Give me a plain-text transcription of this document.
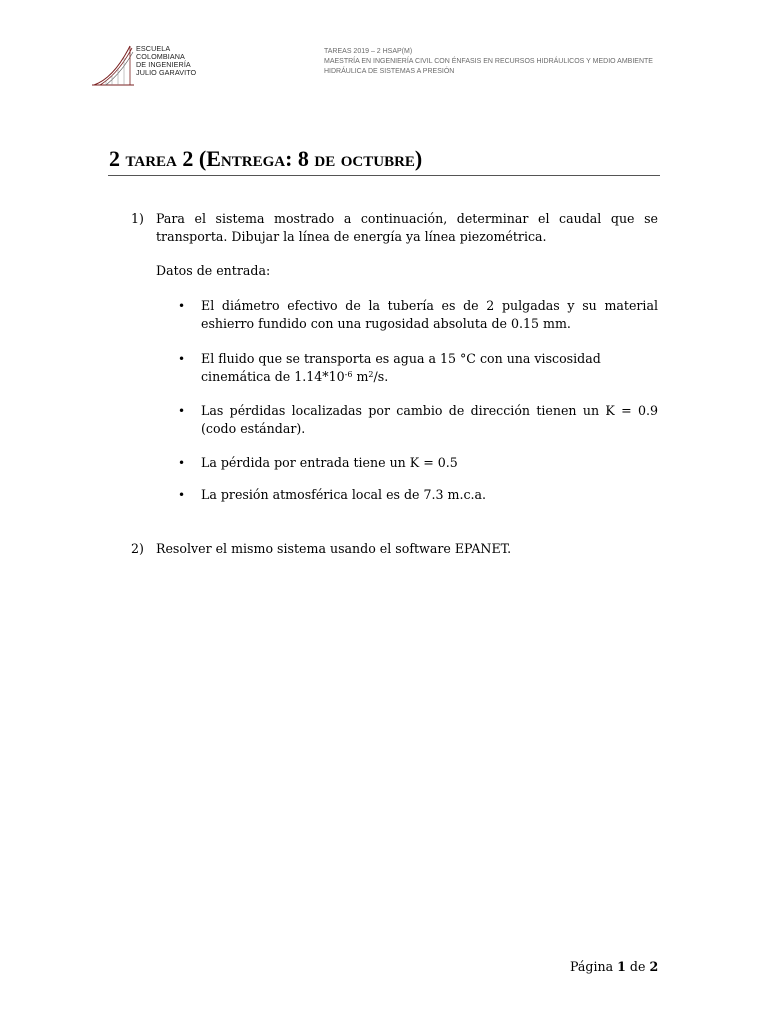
ESCUELA
COLOMBIANA
DE INGENIERÍA
JULIO GARAVITO
TAREAS 2019 – 2 HSAP(M)
MAESTRÍA EN INGENIERÍA CIVIL CON ÉNFASIS EN RECURSOS HIDRÁULICOS Y MEDIO AMBIENTE
HIDRÁULICA DE SISTEMAS A PRESIÓN
2 tarea 2 (Entrega: 8 de octubre)
1) Para el sistema mostrado a continuación, determinar el caudal que se
transporta. Dibujar la línea de energía ya línea piezométrica.
Datos de entrada:
• El diámetro efectivo de la tubería es de 2 pulgadas y su material
eshierro fundido con una rugosidad absoluta de 0.15 mm.
• El fluido que se transporta es agua a 15 °C con una viscosidad
cinemática de $1.14*10^{-6}$ $m^2/s$.
• Las pérdidas localizadas por cambio de dirección tienen un K = 0.9
(codo estándar).
• La pérdida por entrada tiene un K = 0.5
• La presión atmosférica local es de 7.3 m.c.a.
2) Resolver el mismo sistema usando el software EPANET.
Página 1 de 2
